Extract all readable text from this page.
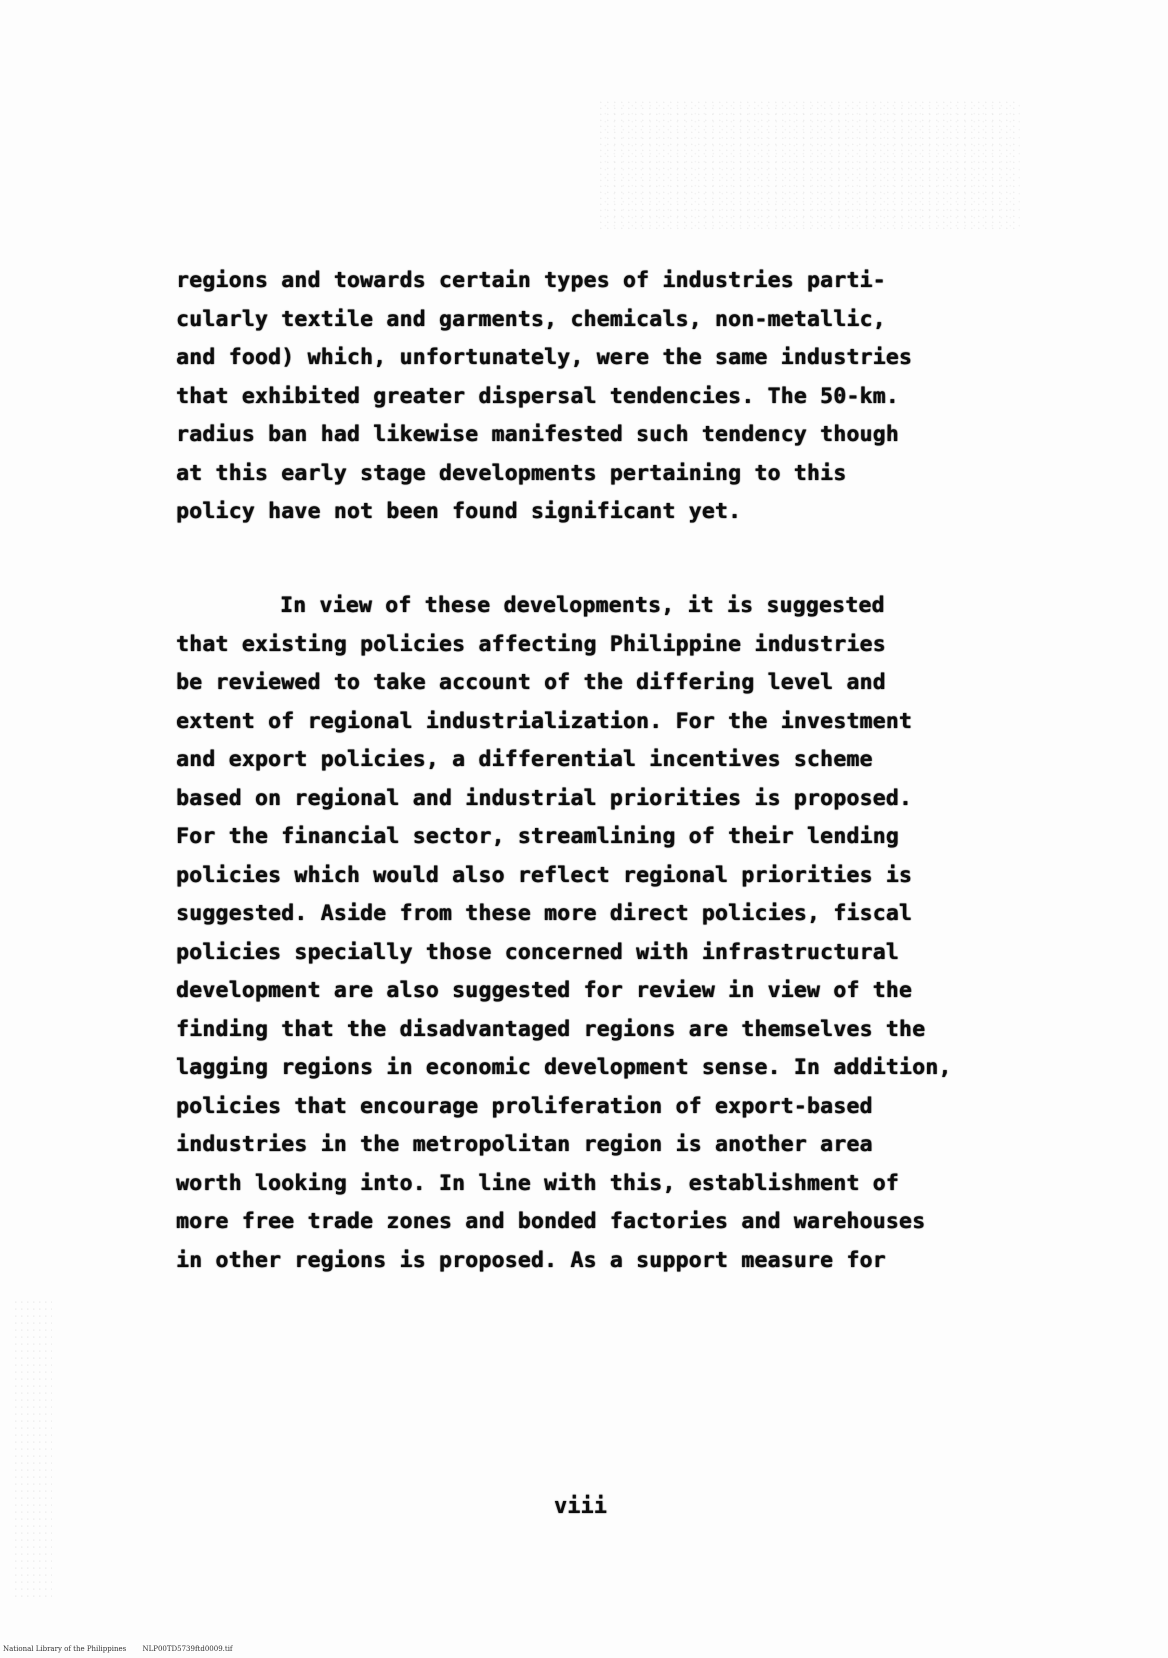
regions and towards certain types of industries parti-
cularly textile and garments, chemicals, non-metallic,
and food) which, unfortunately, were the same industries
that exhibited greater dispersal tendencies. The 50-km.
radius ban had likewise manifested such tendency though
at this early stage developments pertaining to this
policy have not been found significant yet.
In view of these developments, it is suggested
that existing policies affecting Philippine industries
be reviewed to take account of the differing level and
extent of regional industrialization. For the investment
and export policies, a differential incentives scheme
based on regional and industrial priorities is proposed.
For the financial sector, streamlining of their lending
policies which would also reflect regional priorities is
suggested. Aside from these more direct policies, fiscal
policies specially those concerned with infrastructural
development are also suggested for review in view of the
finding that the disadvantaged regions are themselves the
lagging regions in economic development sense. In addition,
policies that encourage proliferation of export-based
industries in the metropolitan region is another area
worth looking into. In line with this, establishment of
more free trade zones and bonded factories and warehouses
in other regions is proposed. As a support measure for
viii
National Library of the Philippines NLP00TD5739ftd0009.tif
